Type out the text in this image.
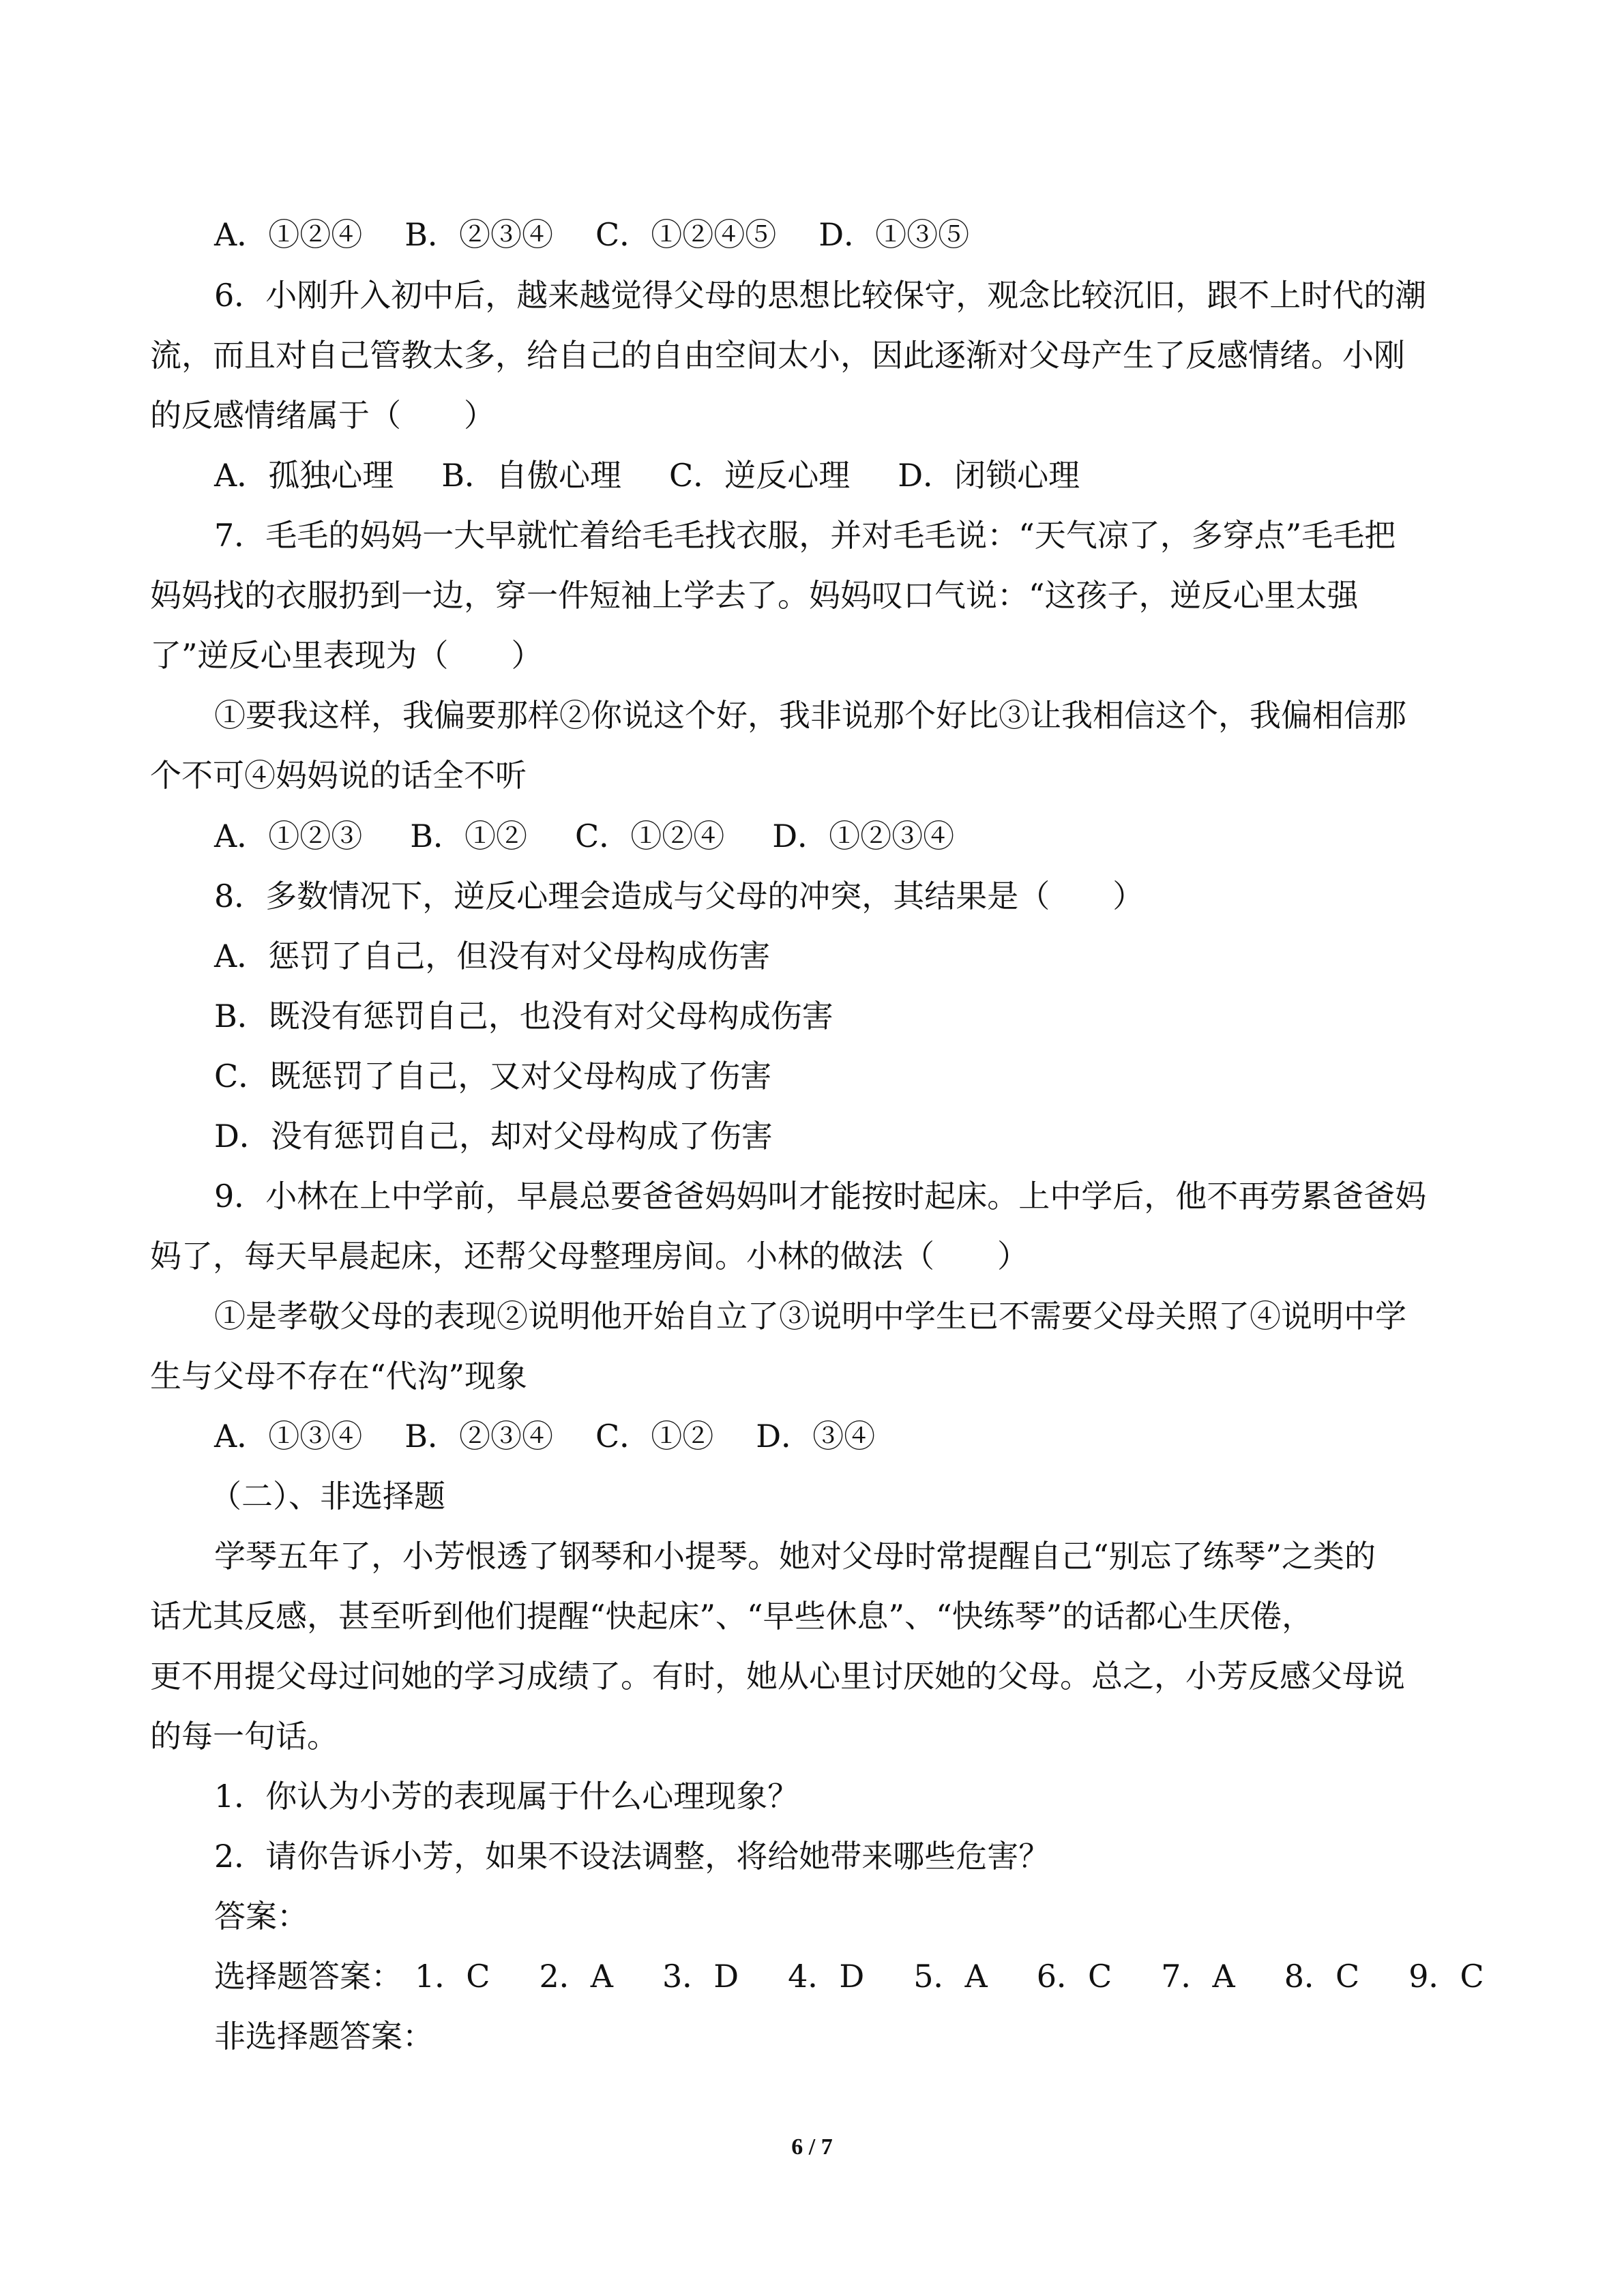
A．①②④ B．②③④ C．①②④⑤ D．①③⑤
6．小刚升入初中后，越来越觉得父母的思想比较保守，观念比较沉旧，跟不上时代的潮
流，而且对自己管教太多，给自己的自由空间太小，因此逐渐对父母产生了反感情绪。小刚
的反感情绪属于（　　）
A．孤独心理 B．自傲心理 C．逆反心理 D．闭锁心理
7．毛毛的妈妈一大早就忙着给毛毛找衣服，并对毛毛说：“天气凉了，多穿点”毛毛把
妈妈找的衣服扔到一边，穿一件短袖上学去了。妈妈叹口气说：“这孩子，逆反心里太强
了”逆反心里表现为（　　）
①要我这样，我偏要那样②你说这个好，我非说那个好比③让我相信这个，我偏相信那
个不可④妈妈说的话全不听
A．①②③ B．①② C．①②④ D．①②③④
8．多数情况下，逆反心理会造成与父母的冲突，其结果是（　　）
A．惩罚了自己，但没有对父母构成伤害
B．既没有惩罚自己，也没有对父母构成伤害
C．既惩罚了自己，又对父母构成了伤害
D．没有惩罚自己，却对父母构成了伤害
9．小林在上中学前，早晨总要爸爸妈妈叫才能按时起床。上中学后，他不再劳累爸爸妈
妈了，每天早晨起床，还帮父母整理房间。小林的做法（　　）
①是孝敬父母的表现②说明他开始自立了③说明中学生已不需要父母关照了④说明中学
生与父母不存在“代沟”现象
A．①③④ B．②③④ C．①② D．③④
（二）、非选择题
学琴五年了，小芳恨透了钢琴和小提琴。她对父母时常提醒自己“别忘了练琴”之类的
话尤其反感，甚至听到他们提醒“快起床”、“早些休息”、“快练琴”的话都心生厌倦，
更不用提父母过问她的学习成绩了。有时，她从心里讨厌她的父母。总之，小芳反感父母说
的每一句话。
1．你认为小芳的表现属于什么心理现象？
2．请你告诉小芳，如果不设法调整，将给她带来哪些危害？
答案：
选择题答案： 1．C 2．A 3．D 4．D 5．A 6．C 7．A 8．C 9．C
非选择题答案：
6 / 7
